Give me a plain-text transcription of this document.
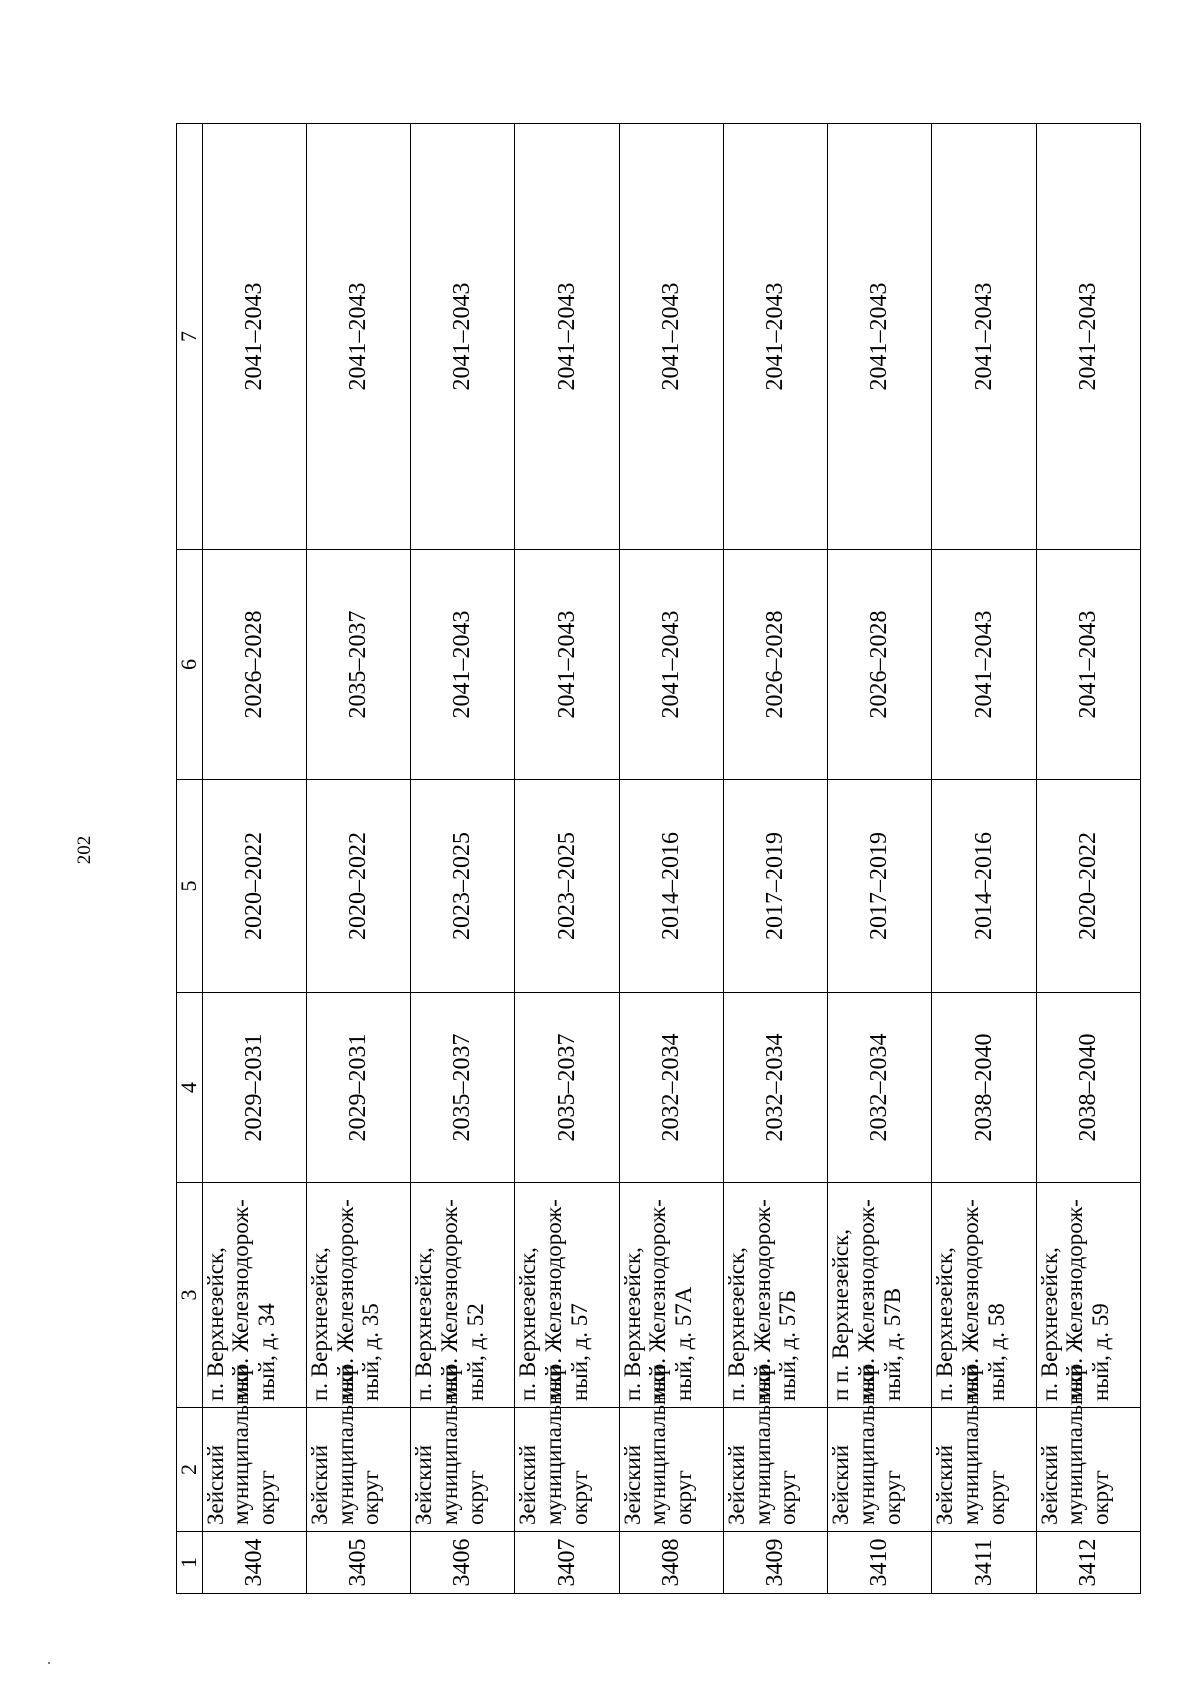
202
1	2	3	4	5	6	7
3404	Зейский муниципальный округ	п. Верхнезейск, мкр. Железнодорож- ный, д. 34	2029–2031	2020–2022	2026–2028	2041–2043
3405	Зейский муниципальный округ	п. Верхнезейск, мкр. Железнодорож- ный, д. 35	2029–2031	2020–2022	2035–2037	2041–2043
3406	Зейский муниципальный округ	п. Верхнезейск, мкр. Железнодорож- ный, д. 52	2035–2037	2023–2025	2041–2043	2041–2043
3407	Зейский муниципальный округ	п. Верхнезейск, мкр. Железнодорож- ный, д. 57	2035–2037	2023–2025	2041–2043	2041–2043
3408	Зейский муниципальный округ	п. Верхнезейск, мкр. Железнодорож- ный, д. 57А	2032–2034	2014–2016	2041–2043	2041–2043
3409	Зейский муниципальный округ	п. Верхнезейск, мкр. Железнодорож- ный, д. 57Б	2032–2034	2017–2019	2026–2028	2041–2043
3410	Зейский муниципальный округ	п п. Верхнезейск, мкр. Железнодорож- ный, д. 57В	2032–2034	2017–2019	2026–2028	2041–2043
3411	Зейский муниципальный округ	п. Верхнезейск, мкр. Железнодорож- ный, д. 58	2038–2040	2014–2016	2041–2043	2041–2043
3412	Зейский муниципальный округ	п. Верхнезейск, мкр. Железнодорож- ный, д. 59	2038–2040	2020–2022	2041–2043	2041–2043
